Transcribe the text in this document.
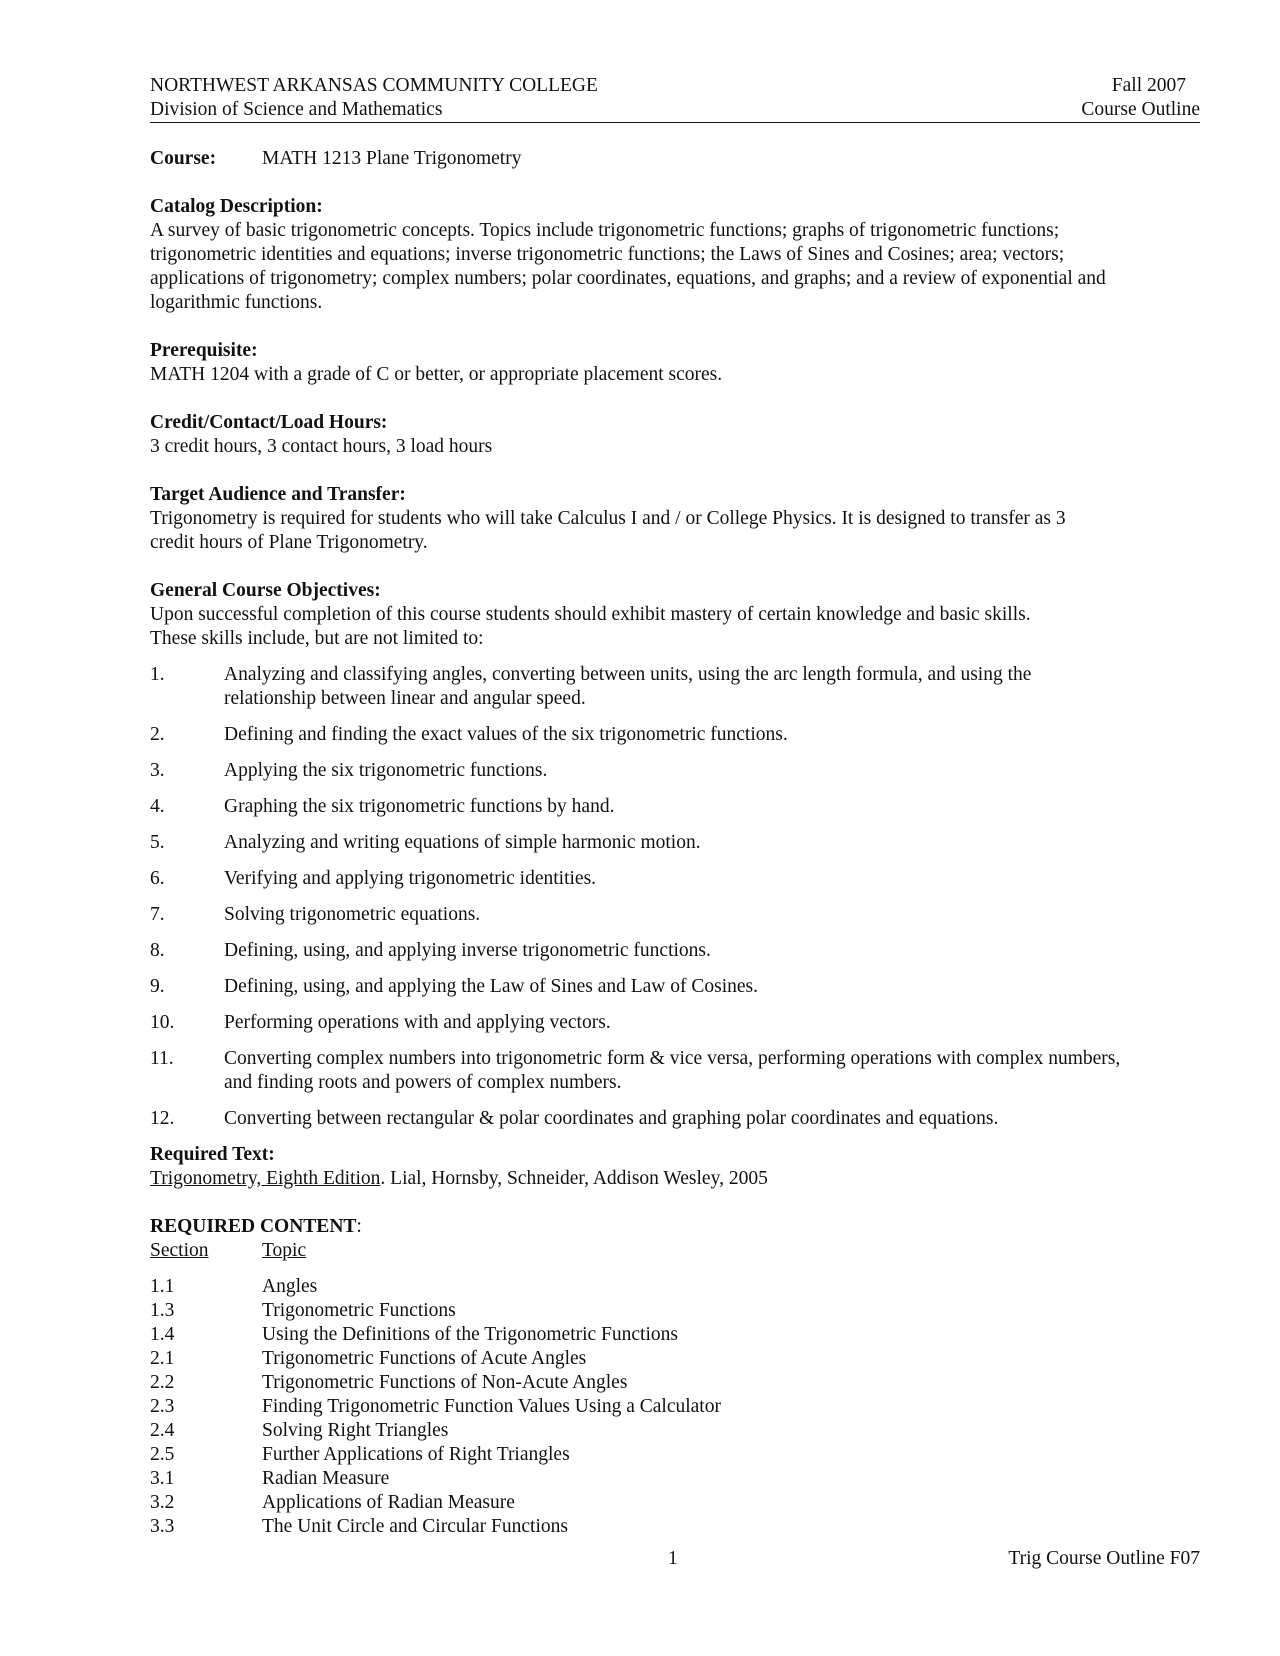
NORTHWEST ARKANSAS COMMUNITY COLLEGE	Fall 2007
Division of Science and Mathematics	Course Outline
Course:	MATH 1213 Plane Trigonometry
Catalog Description:
A survey of basic trigonometric concepts. Topics include trigonometric functions; graphs of trigonometric functions;
trigonometric identities and equations; inverse trigonometric functions; the Laws of Sines and Cosines; area; vectors;
applications of trigonometry; complex numbers; polar coordinates, equations, and graphs; and a review of exponential and
logarithmic functions.
Prerequisite:
MATH 1204 with a grade of C or better, or appropriate placement scores.
Credit/Contact/Load Hours:
3 credit hours, 3 contact hours, 3 load hours
Target Audience and Transfer:
Trigonometry is required for students who will take Calculus I and / or College Physics. It is designed to transfer as 3
credit hours of Plane Trigonometry.
General Course Objectives:
Upon successful completion of this course students should exhibit mastery of certain knowledge and basic skills.
These skills include, but are not limited to:
1.	Analyzing and classifying angles, converting between units, using the arc length formula, and using the
relationship between linear and angular speed.
2.	Defining and finding the exact values of the six trigonometric functions.
3.	Applying the six trigonometric functions.
4.	Graphing the six trigonometric functions by hand.
5.	Analyzing and writing equations of simple harmonic motion.
6.	Verifying and applying trigonometric identities.
7.	Solving trigonometric equations.
8.	Defining, using, and applying inverse trigonometric functions.
9.	Defining, using, and applying the Law of Sines and Law of Cosines.
10.	Performing operations with and applying vectors.
11.	Converting complex numbers into trigonometric form & vice versa, performing operations with complex numbers,
and finding roots and powers of complex numbers.
12.	Converting between rectangular & polar coordinates and graphing polar coordinates and equations.
Required Text:
Trigonometry, Eighth Edition. Lial, Hornsby, Schneider, Addison Wesley, 2005
REQUIRED CONTENT:
Section	Topic
1.1	Angles
1.3	Trigonometric Functions
1.4	Using the Definitions of the Trigonometric Functions
2.1	Trigonometric Functions of Acute Angles
2.2	Trigonometric Functions of Non-Acute Angles
2.3	Finding Trigonometric Function Values Using a Calculator
2.4	Solving Right Triangles
2.5	Further Applications of Right Triangles
3.1	Radian Measure
3.2	Applications of Radian Measure
3.3	The Unit Circle and Circular Functions
1	Trig Course Outline F07
